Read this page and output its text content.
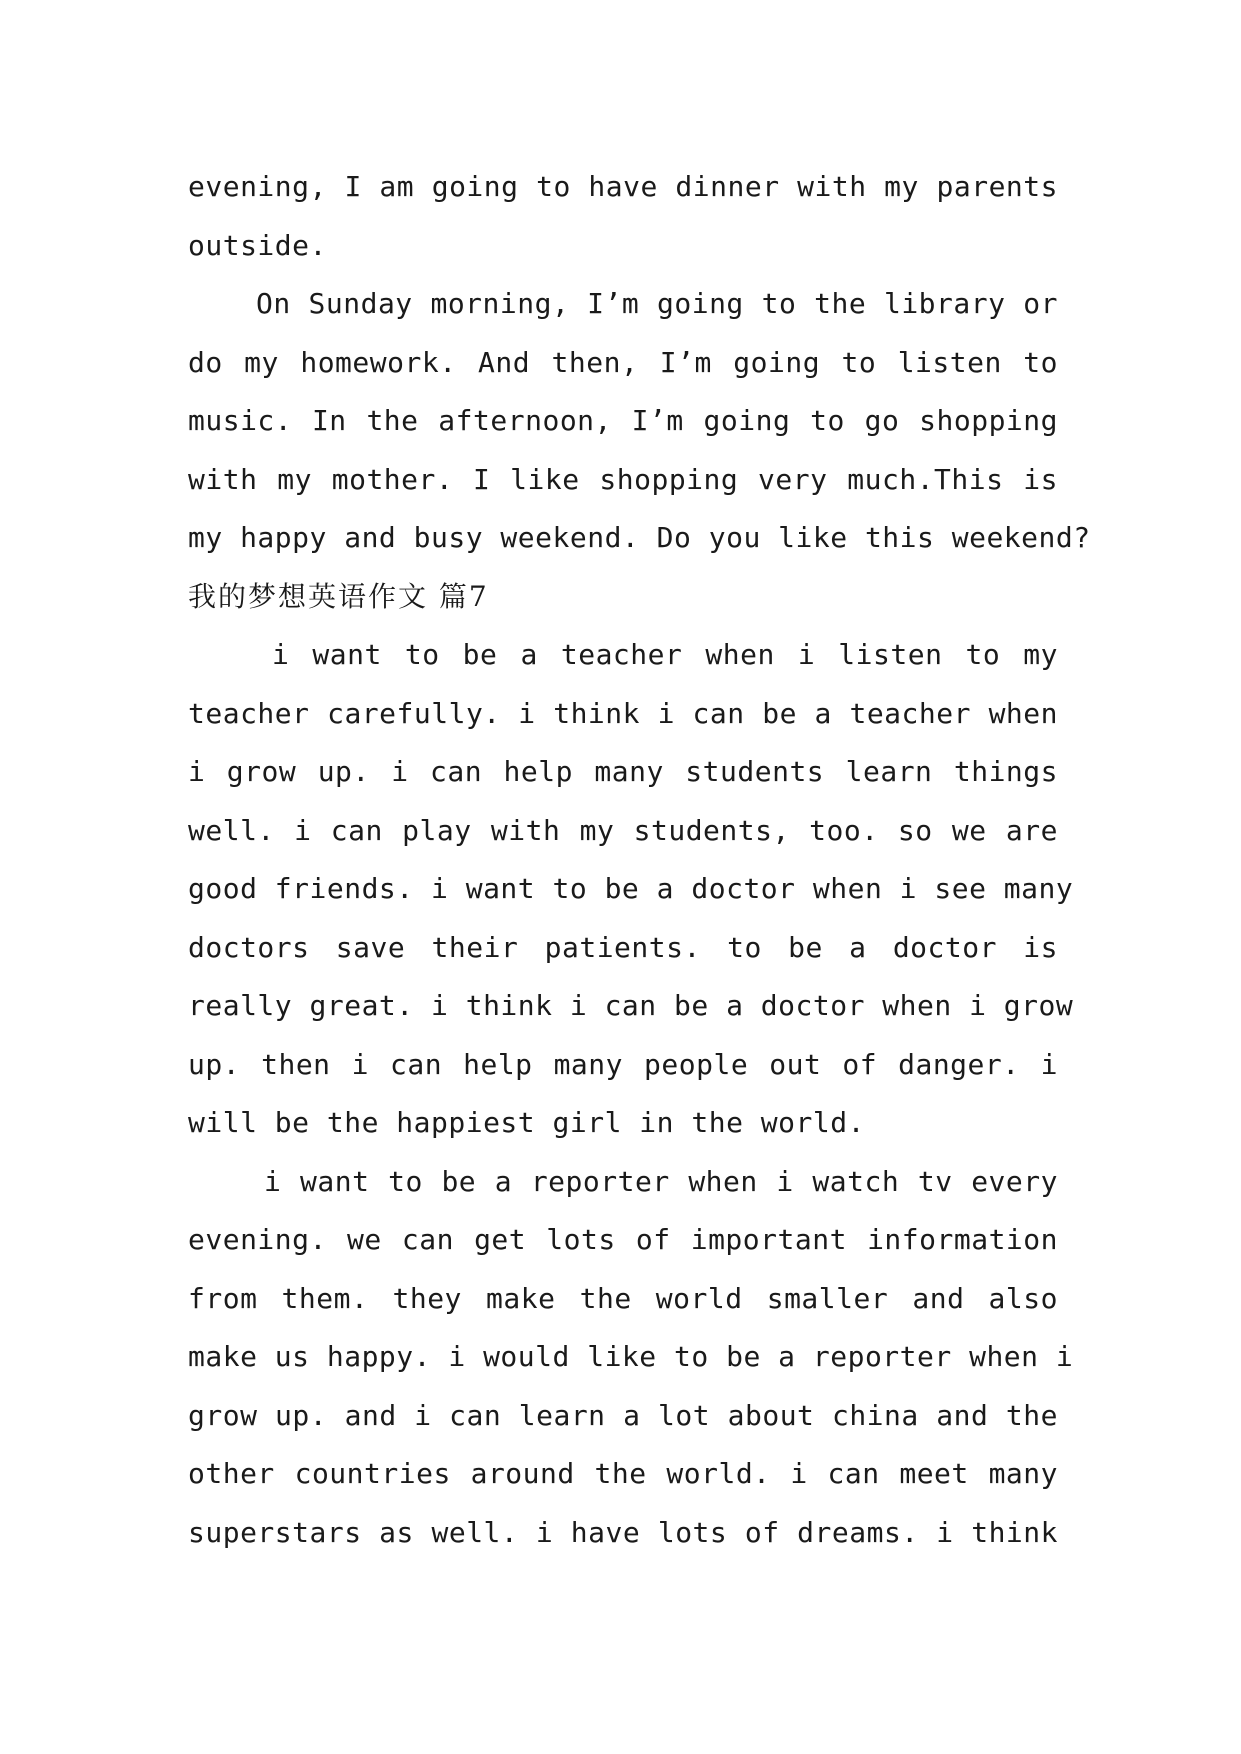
evening, I am going to have dinner with my parents
outside.
On Sunday morning, I’m going to the library or
do my homework. And then, I’m going to listen to
music. In the afternoon, I’m going to go shopping
with my mother. I like shopping very much.This is
my happy and busy weekend. Do you like this weekend?
我的梦想英语作文 篇7
i want to be a teacher when i listen to my
teacher carefully. i think i can be a teacher when
i grow up. i can help many students learn things
well. i can play with my students, too. so we are
good friends. i want to be a doctor when i see many
doctors save their patients. to be a doctor is
really great. i think i can be a doctor when i grow
up. then i can help many people out of danger. i
will be the happiest girl in the world.
i want to be a reporter when i watch tv every
evening. we can get lots of important information
from them. they make the world smaller and also
make us happy. i would like to be a reporter when i
grow up. and i can learn a lot about china and the
other countries around the world. i can meet many
superstars as well. i have lots of dreams. i think
